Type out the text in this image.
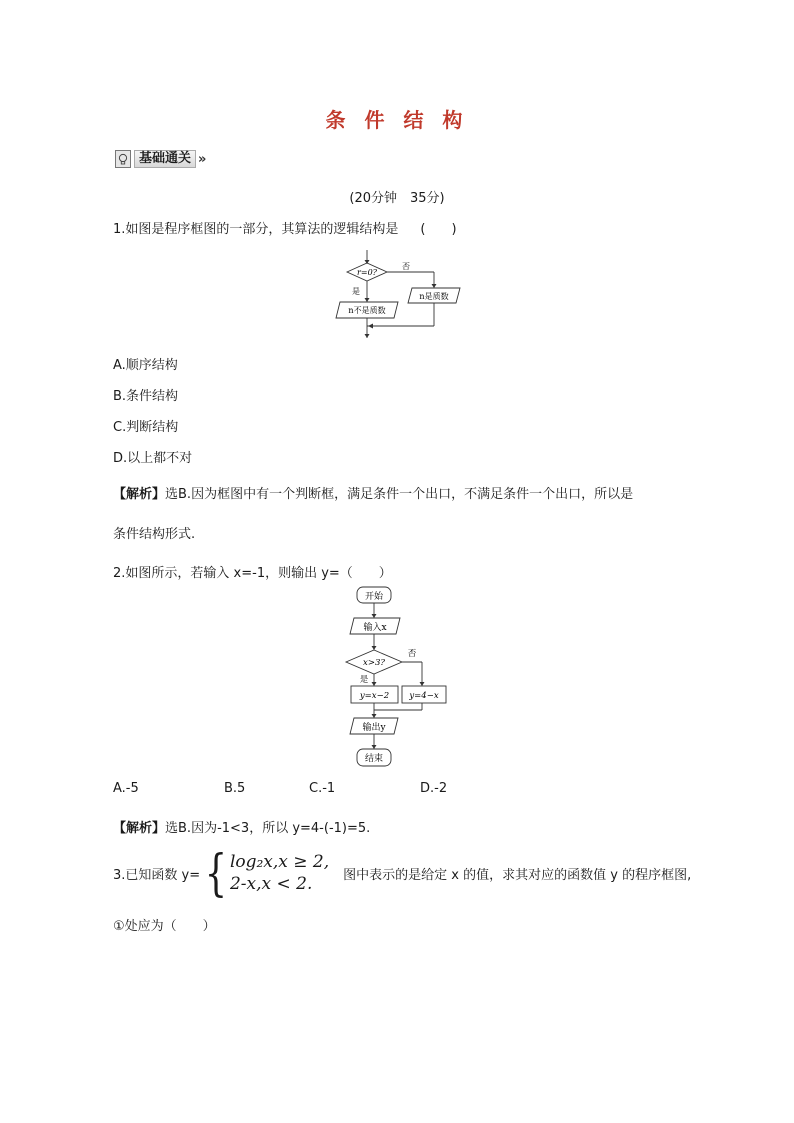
条 件 结 构
基础通关 »
(20分钟　35分)
1.如图是程序框图的一部分，其算法的逻辑结构是 (　　)
r=0?
否
是
n不是质数
n是质数
A.顺序结构
B.条件结构
C.判断结构
D.以上都不对
【解析】选B.因为框图中有一个判断框，满足条件一个出口，不满足条件一个出口，所以是
条件结构形式.
2.如图所示，若输入 x=-1，则输出 y=（　　）
开始
输入x
x>3?
否
是
y=x−2 y=4−x
输出y
结束
A.-5	B.5	C.-1	D.-2
【解析】选B.因为-1<3，所以 y=4-(-1)=5.
3.已知函数 y= { log₂x,x ≥ 2,
2-x,x < 2.	图中表示的是给定 x 的值，求其对应的函数值 y 的程序框图,
①处应为（　　）
